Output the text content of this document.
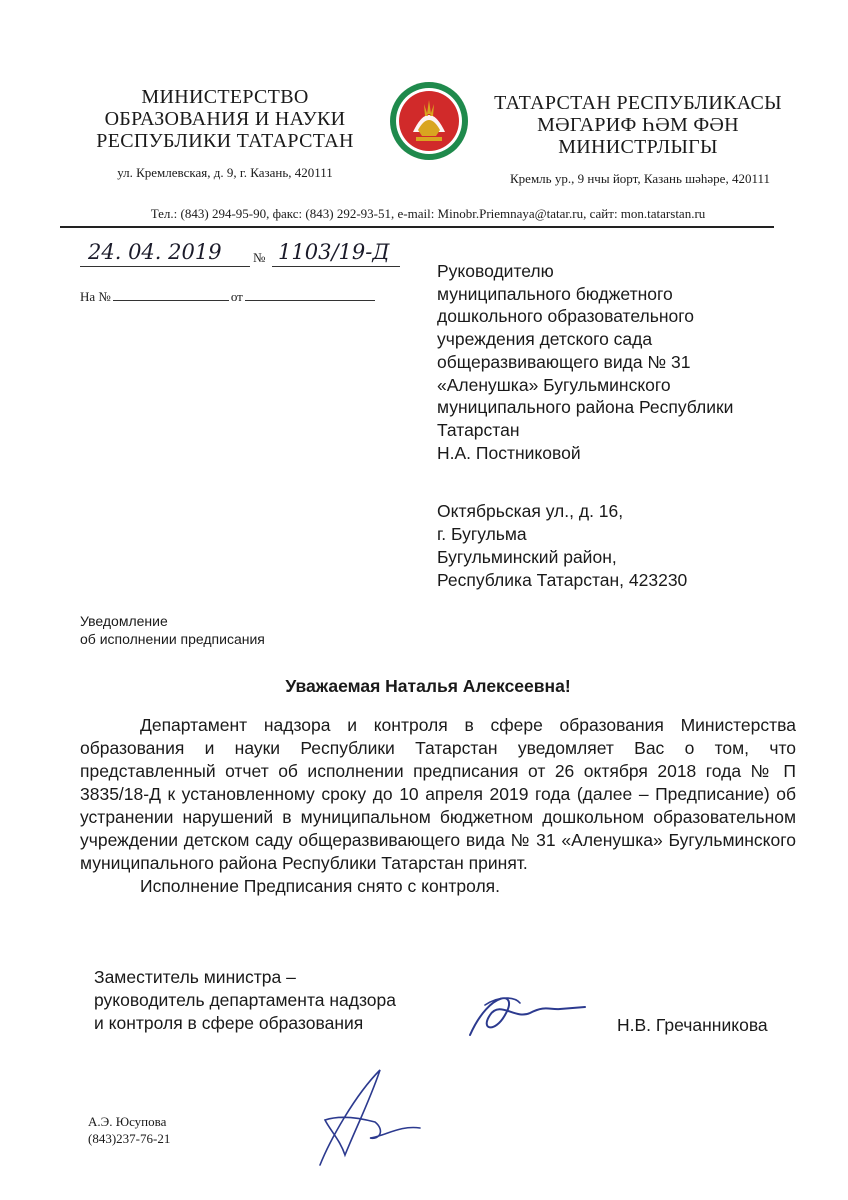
МИНИСТЕРСТВО
ОБРАЗОВАНИЯ И НАУКИ
РЕСПУБЛИКИ ТАТАРСТАН
ул. Кремлевская, д. 9, г. Казань, 420111
ТАТАРСТАН РЕСПУБЛИКАСЫ
МӘГАРИФ ҺӘМ ФӘН
МИНИСТРЛЫГЫ
Кремль ур., 9 нчы йорт, Казань шәһәре, 420111
Тел.: (843) 294-95-90, факс: (843) 292-93-51, e-mail: Minobr.Priemnaya@tatar.ru, сайт: mon.tatarstan.ru
24. 04. 2019 № 1103/19-Д
На №	от
Руководителю
муниципального бюджетного
дошкольного образовательного
учреждения детского сада
общеразвивающего вида № 31
«Аленушка» Бугульминского
муниципального района Республики
Татарстан
Н.А. Постниковой
Октябрьская ул., д. 16,
г. Бугульма
Бугульминский район,
Республика Татарстан, 423230
Уведомление
об исполнении предписания
Уважаемая Наталья Алексеевна!

Департамент надзора и контроля в сфере образования Министерства образования и науки Республики Татарстан уведомляет Вас о том, что представленный отчет об исполнении предписания от 26 октября 2018 года № П 3835/18-Д к установленному сроку до 10 апреля 2019 года (далее – Предписание) об устранении нарушений в муниципальном бюджетном дошкольном образовательном учреждении детском саду общеразвивающего вида № 31 «Аленушка» Бугульминского муниципального района Республики Татарстан принят.

Исполнение Предписания снято с контроля.

Заместитель министра –
руководитель департамента надзора
и контроля в сфере образования	Н.В. Гречанникова
А.Э. Юсупова
(843)237-76-21
